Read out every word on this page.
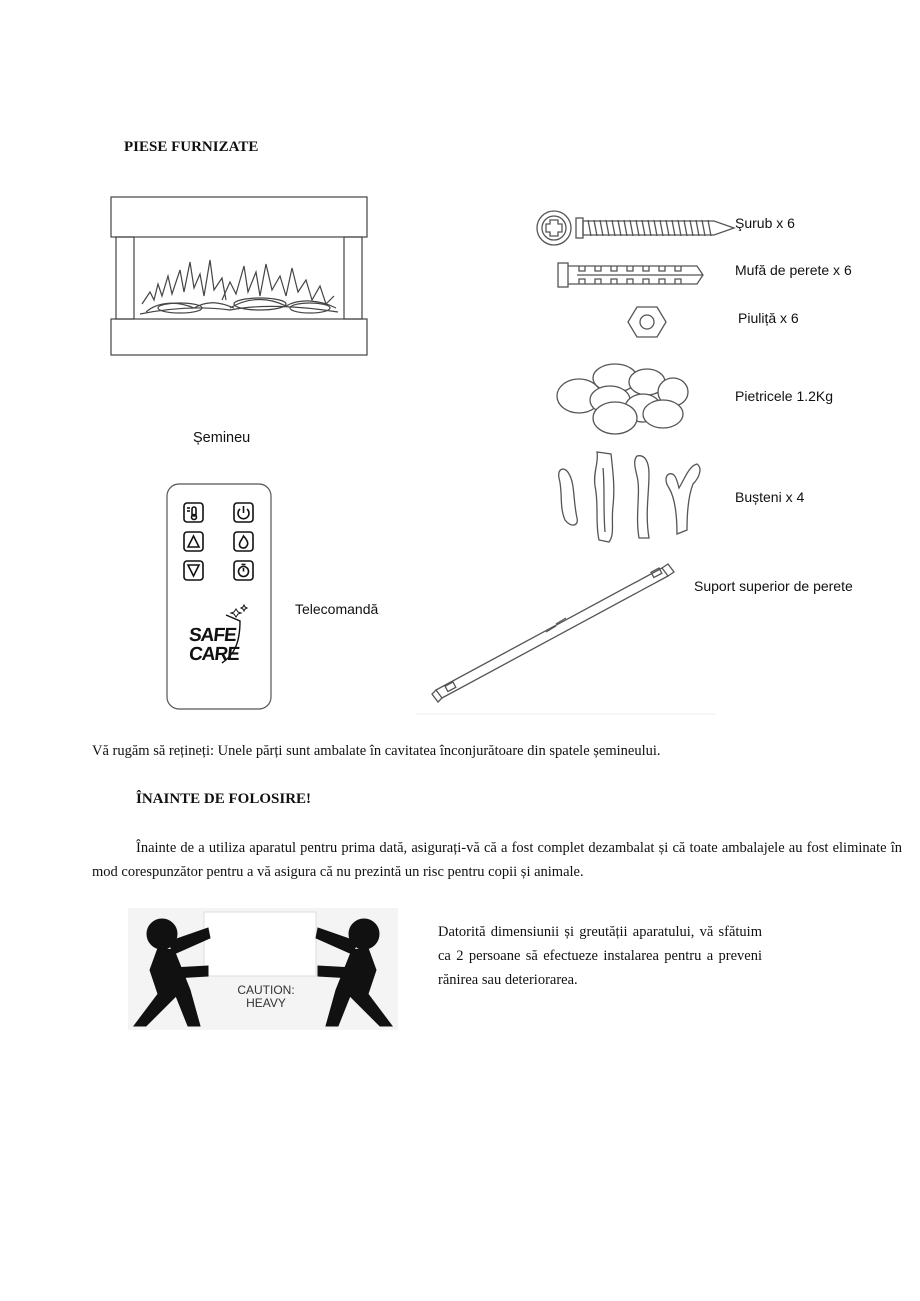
PIESE FURNIZATE
Șemineu
SAFE
CARE
Telecomandă
Şurub x 6
Mufă de perete x 6
Piuliță x 6
Pietricele 1.2Kg
Bușteni x 4
Suport superior de perete
Vă rugăm să rețineți: Unele părți sunt ambalate în cavitatea înconjurătoare din spatele șemineului.
ÎNAINTE DE FOLOSIRE!
Înainte de a utiliza aparatul pentru prima dată, asigurați-vă că a fost complet dezambalat și că toate ambalajele au fost eliminate în mod corespunzător pentru a vă asigura că nu prezintă un risc pentru copii și animale.
CAUTION:
HEAVY
Datorită dimensiunii și greutății aparatului, vă sfătuim ca 2 persoane să efectueze instalarea pentru a preveni rănirea sau deteriorarea.
